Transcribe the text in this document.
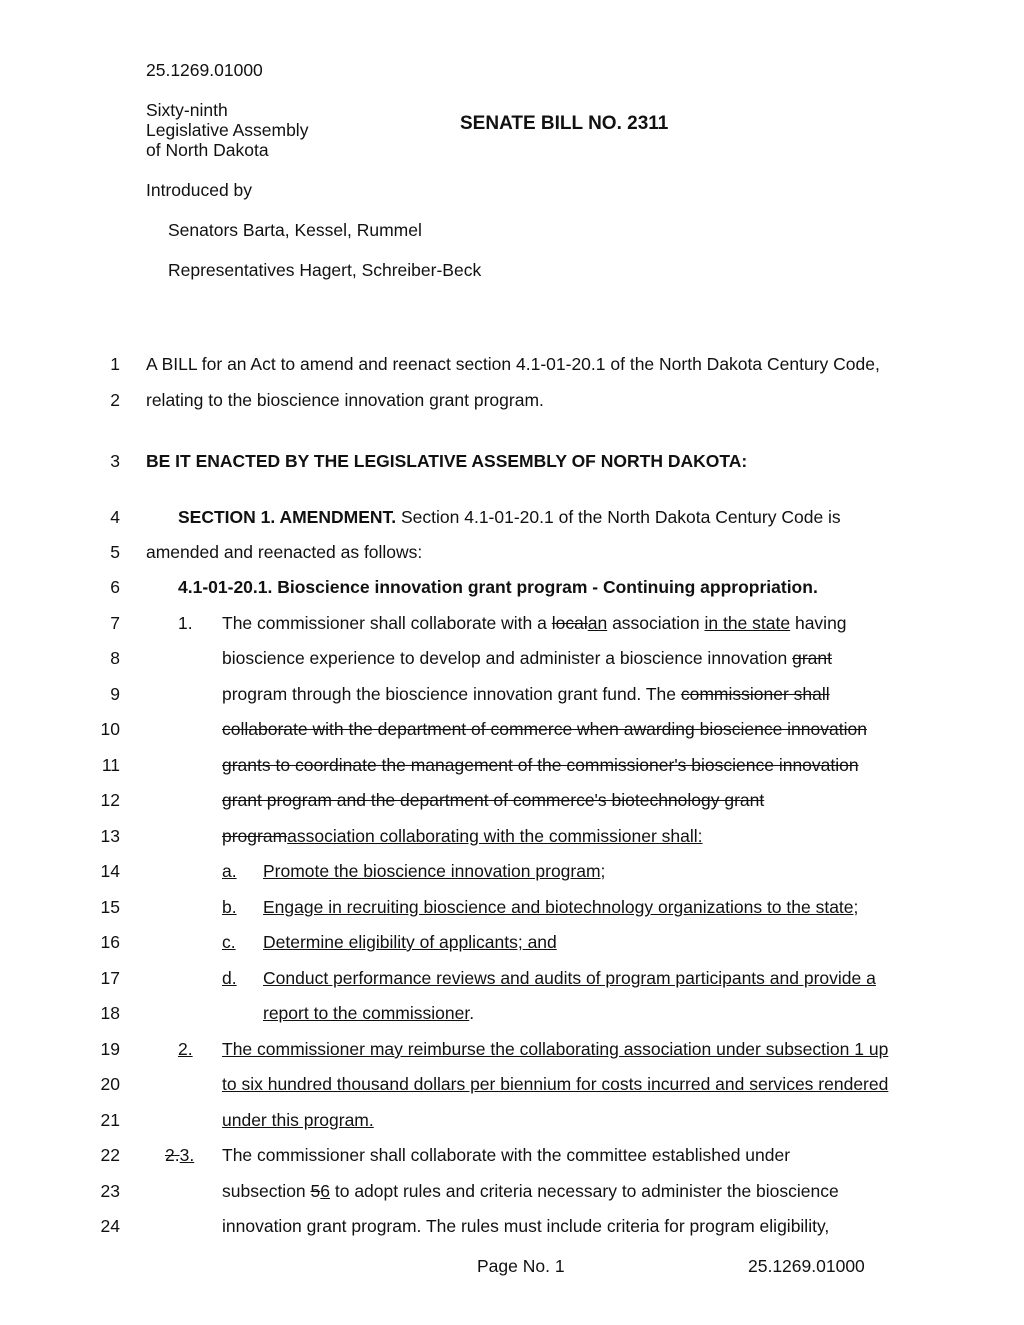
25.1269.01000
Sixty-ninth
Legislative Assembly
of North Dakota
SENATE BILL NO. 2311
Introduced by
Senators Barta, Kessel, Rummel
Representatives Hagert, Schreiber-Beck
1
2
3
4
5
6
7
8
9
10
11
12
13
14
15
16
17
18
19
20
21
22
23
24
A BILL for an Act to amend and reenact section 4.1-01-20.1 of the North Dakota Century Code,
relating to the bioscience innovation grant program.
BE IT ENACTED BY THE LEGISLATIVE ASSEMBLY OF NORTH DAKOTA:
SECTION 1. AMENDMENT. Section 4.1-01-20.1 of the North Dakota Century Code is
amended and reenacted as follows:
4.1-01-20.1. Bioscience innovation grant program - Continuing appropriation.
1. The commissioner shall collaborate with a localan association in the state having
bioscience experience to develop and administer a bioscience innovation grant
program through the bioscience innovation grant fund. The commissioner shall
collaborate with the department of commerce when awarding bioscience innovation
grants to coordinate the management of the commissioner's bioscience innovation
grant program and the department of commerce's biotechnology grant
programassociation collaborating with the commissioner shall:
a. Promote the bioscience innovation program;
b. Engage in recruiting bioscience and biotechnology organizations to the state;
c. Determine eligibility of applicants; and
d. Conduct performance reviews and audits of program participants and provide a
report to the commissioner.
2. The commissioner may reimburse the collaborating association under subsection 1 up
to six hundred thousand dollars per biennium for costs incurred and services rendered
under this program.
2.3. The commissioner shall collaborate with the committee established under
subsection 56 to adopt rules and criteria necessary to administer the bioscience
innovation grant program. The rules must include criteria for program eligibility,
Page No. 1	25.1269.01000
